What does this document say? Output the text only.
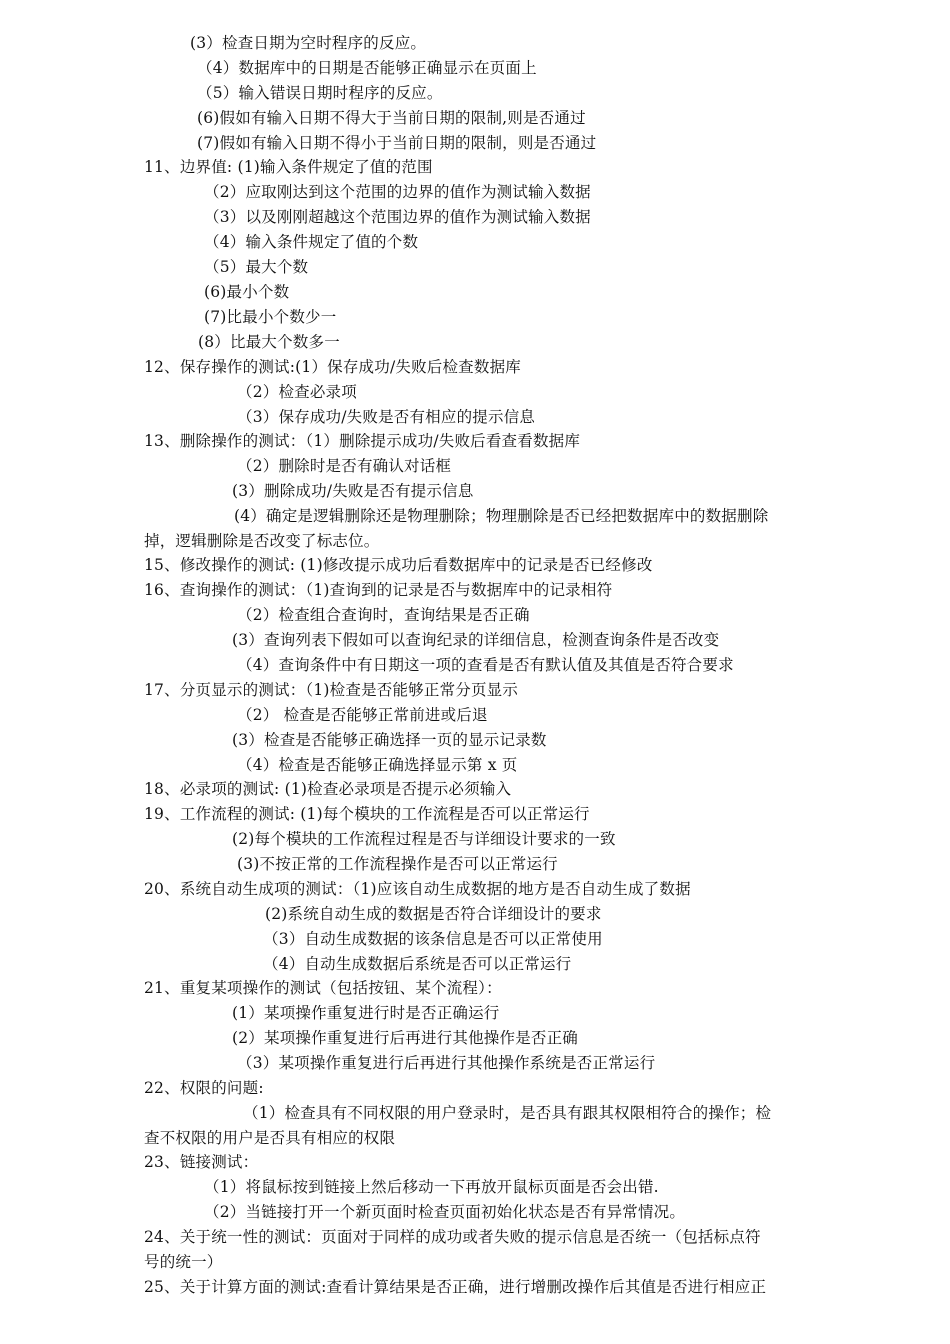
(3）检查日期为空时程序的反应。
（4）数据库中的日期是否能够正确显示在页面上
（5）输入错误日期时程序的反应。
(6)假如有输入日期不得大于当前日期的限制,则是否通过
(7)假如有输入日期不得小于当前日期的限制，则是否通过
11、边界值: (1)输入条件规定了值的范围
（2）应取刚达到这个范围的边界的值作为测试输入数据
（3）以及刚刚超越这个范围边界的值作为测试输入数据
（4）输入条件规定了值的个数
（5）最大个数
(6)最小个数
(7)比最小个数少一
(8）比最大个数多一
12、保存操作的测试:(1）保存成功/失败后检查数据库
（2）检查必录项
（3）保存成功/失败是否有相应的提示信息
13、删除操作的测试：（1）删除提示成功/失败后看查看数据库
（2）删除时是否有确认对话框
(3）删除成功/失败是否有提示信息
(4）确定是逻辑删除还是物理删除；物理删除是否已经把数据库中的数据删除
掉，逻辑删除是否改变了标志位。
15、修改操作的测试: (1)修改提示成功后看数据库中的记录是否已经修改
16、查询操作的测试：（1)查询到的记录是否与数据库中的记录相符
（2）检查组合查询时，查询结果是否正确
(3）查询列表下假如可以查询纪录的详细信息，检测查询条件是否改变
（4）查询条件中有日期这一项的查看是否有默认值及其值是否符合要求
17、分页显示的测试：（1)检查是否能够正常分页显示
（2） 检查是否能够正常前进或后退
(3）检查是否能够正确选择一页的显示记录数
（4）检查是否能够正确选择显示第 x 页
18、必录项的测试: (1)检查必录项是否提示必须输入
19、工作流程的测试: (1)每个模块的工作流程是否可以正常运行
(2)每个模块的工作流程过程是否与详细设计要求的一致
(3)不按正常的工作流程操作是否可以正常运行
20、系统自动生成项的测试：（1)应该自动生成数据的地方是否自动生成了数据
(2)系统自动生成的数据是否符合详细设计的要求
（3）自动生成数据的该条信息是否可以正常使用
（4）自动生成数据后系统是否可以正常运行
21、重复某项操作的测试（包括按钮、某个流程）：
(1）某项操作重复进行时是否正确运行
(2）某项操作重复进行后再进行其他操作是否正确
（3）某项操作重复进行后再进行其他操作系统是否正常运行
22、权限的问题:
（1）检查具有不同权限的用户登录时，是否具有跟其权限相符合的操作；检
查不权限的用户是否具有相应的权限
23、链接测试：
（1）将鼠标按到链接上然后移动一下再放开鼠标页面是否会出错.
（2）当链接打开一个新页面时检查页面初始化状态是否有异常情况。
24、关于统一性的测试：页面对于同样的成功或者失败的提示信息是否统一（包括标点符
号的统一）
25、关于计算方面的测试:查看计算结果是否正确，进行增删改操作后其值是否进行相应正
